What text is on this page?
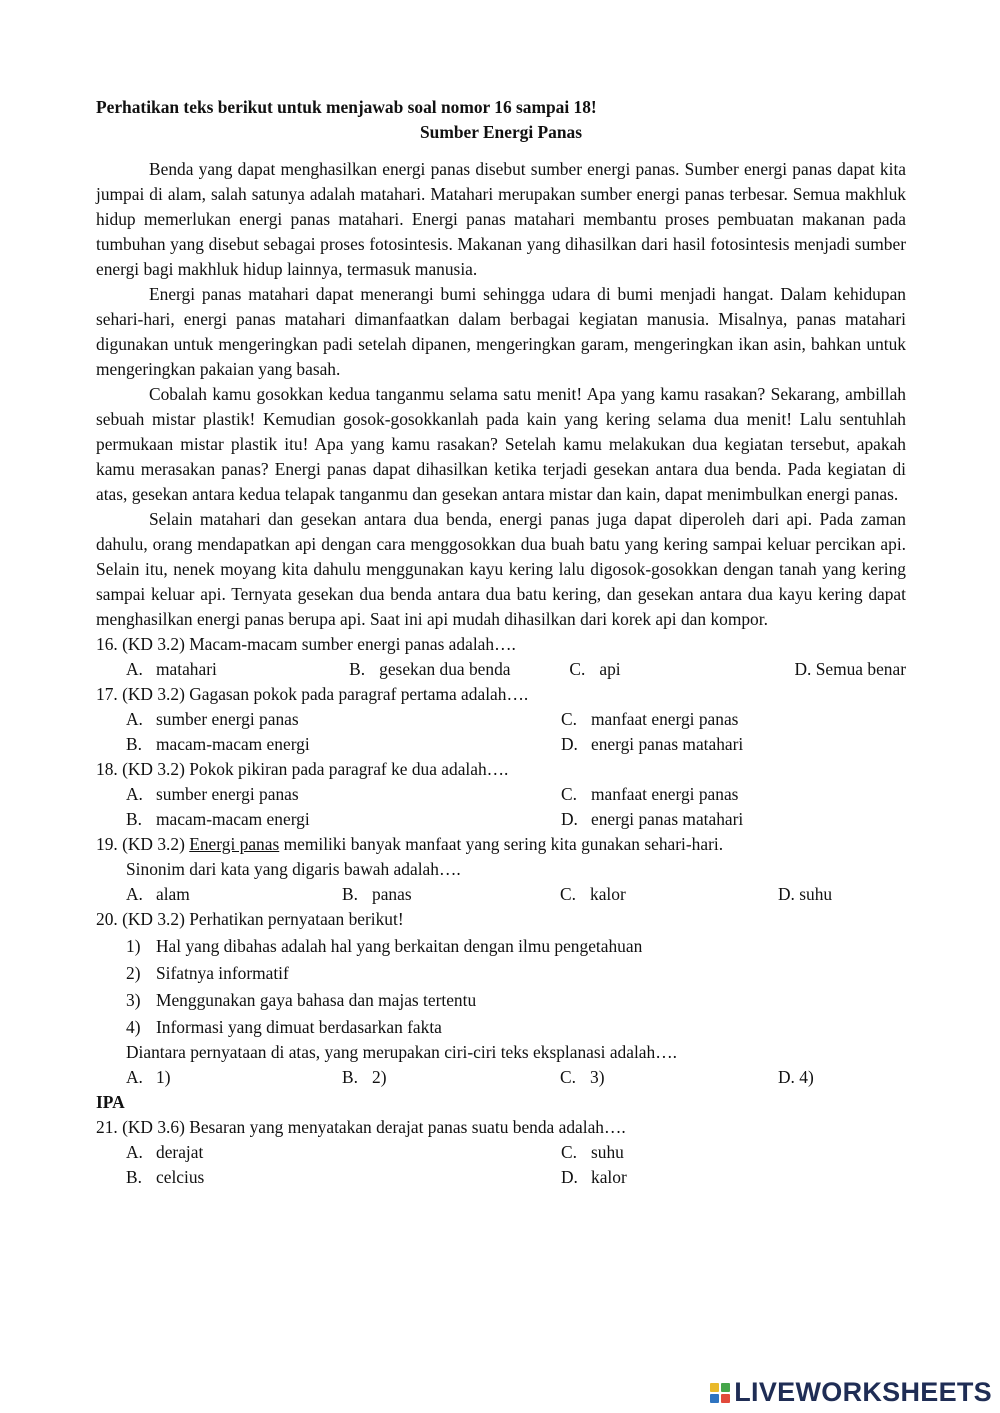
Perhatikan teks berikut untuk menjawab soal nomor 16 sampai 18!

Sumber Energi Panas

Benda yang dapat menghasilkan energi panas disebut sumber energi panas. Sumber energi panas dapat kita jumpai di alam, salah satunya adalah matahari. Matahari merupakan sumber energi panas terbesar. Semua makhluk hidup memerlukan energi panas matahari. Energi panas matahari membantu proses pembuatan makanan pada tumbuhan yang disebut sebagai proses fotosintesis. Makanan yang dihasilkan dari hasil fotosintesis menjadi sumber energi bagi makhluk hidup lainnya, termasuk manusia.

Energi panas matahari dapat menerangi bumi sehingga udara di bumi menjadi hangat. Dalam kehidupan sehari-hari, energi panas matahari dimanfaatkan dalam berbagai kegiatan manusia. Misalnya, panas matahari digunakan untuk mengeringkan padi setelah dipanen, mengeringkan garam, mengeringkan ikan asin, bahkan untuk mengeringkan pakaian yang basah.

Cobalah kamu gosokkan kedua tanganmu selama satu menit! Apa yang kamu rasakan? Sekarang, ambillah sebuah mistar plastik! Kemudian gosok-gosokkanlah pada kain yang kering selama dua menit! Lalu sentuhlah permukaan mistar plastik itu! Apa yang kamu rasakan? Setelah kamu melakukan dua kegiatan tersebut, apakah kamu merasakan panas? Energi panas dapat dihasilkan ketika terjadi gesekan antara dua benda. Pada kegiatan di atas, gesekan antara kedua telapak tanganmu dan gesekan antara mistar dan kain, dapat menimbulkan energi panas.

Selain matahari dan gesekan antara dua benda, energi panas juga dapat diperoleh dari api. Pada zaman dahulu, orang mendapatkan api dengan cara menggosokkan dua buah batu yang kering sampai keluar percikan api. Selain itu, nenek moyang kita dahulu menggunakan kayu kering lalu digosok-gosokkan dengan tanah yang kering sampai keluar api. Ternyata gesekan dua benda antara dua batu kering, dan gesekan antara dua kayu kering dapat menghasilkan energi panas berupa api. Saat ini api mudah dihasilkan dari korek api dan kompor.

16. (KD 3.2) Macam-macam sumber energi panas adalah….

A. matahari	B. gesekan dua benda	C. api	D. Semua benar

17. (KD 3.2) Gagasan pokok pada paragraf pertama adalah….

A. sumber energi panas	C. manfaat energi panas
B. macam-macam energi	D. energi panas matahari

18. (KD 3.2) Pokok pikiran pada paragraf ke dua adalah….

A. sumber energi panas	C. manfaat energi panas
B. macam-macam energi	D. energi panas matahari

19. (KD 3.2) Energi panas memiliki banyak manfaat yang sering kita gunakan sehari-hari.

Sinonim dari kata yang digaris bawah adalah….

A. alam	B. panas	C. kalor	D. suhu

20. (KD 3.2) Perhatikan pernyataan berikut!

1) Hal yang dibahas adalah hal yang berkaitan dengan ilmu pengetahuan
2) Sifatnya informatif
3) Menggunakan gaya bahasa dan majas tertentu
4) Informasi yang dimuat berdasarkan fakta

Diantara pernyataan di atas, yang merupakan ciri-ciri teks eksplanasi adalah….

A. 1)	B. 2)	C. 3)	D. 4)

IPA

21. (KD 3.6) Besaran yang menyatakan derajat panas suatu benda adalah….

A. derajat	C. suhu
B. celcius	D. kalor
LIVEWORKSHEETS
